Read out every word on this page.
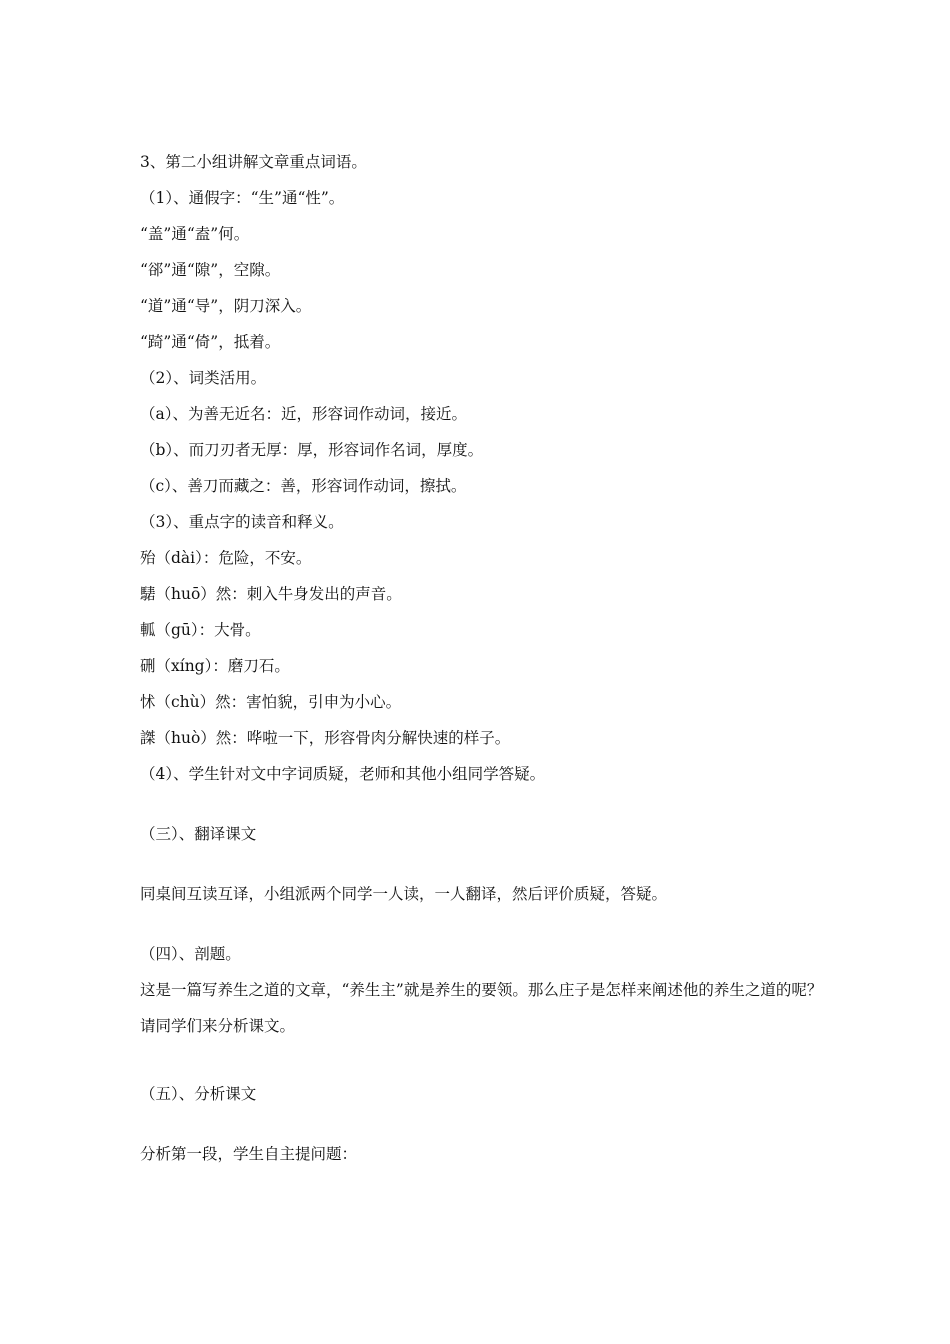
3、第二小组讲解文章重点词语。
（1）、通假字：“生”通“性”。
“盖”通“盍”何。
“郤”通“隙”，空隙。
“道”通“导”，阴刀深入。
“踦”通“倚”，抵着。
（2）、词类活用。
（a）、为善无近名：近，形容词作动词，接近。
（b）、而刀刃者无厚：厚，形容词作名词，厚度。
（c）、善刀而藏之：善，形容词作动词，擦拭。
（3）、重点字的读音和释义。
殆（dài）：危险，不安。
騞（huō）然：刺入牛身发出的声音。
軱（gū）：大骨。
硎（xíng）：磨刀石。
怵（chù）然：害怕貌，引申为小心。
謋（huò）然：哗啦一下，形容骨肉分解快速的样子。
（4）、学生针对文中字词质疑，老师和其他小组同学答疑。
（三）、翻译课文
同桌间互读互译，小组派两个同学一人读，一人翻译，然后评价质疑，答疑。
（四）、剖题。
这是一篇写养生之道的文章，“养生主”就是养生的要领。那么庄子是怎样来阐述他的养生之道的呢？请同学们来分析课文。
（五）、分析课文
分析第一段，学生自主提问题：
